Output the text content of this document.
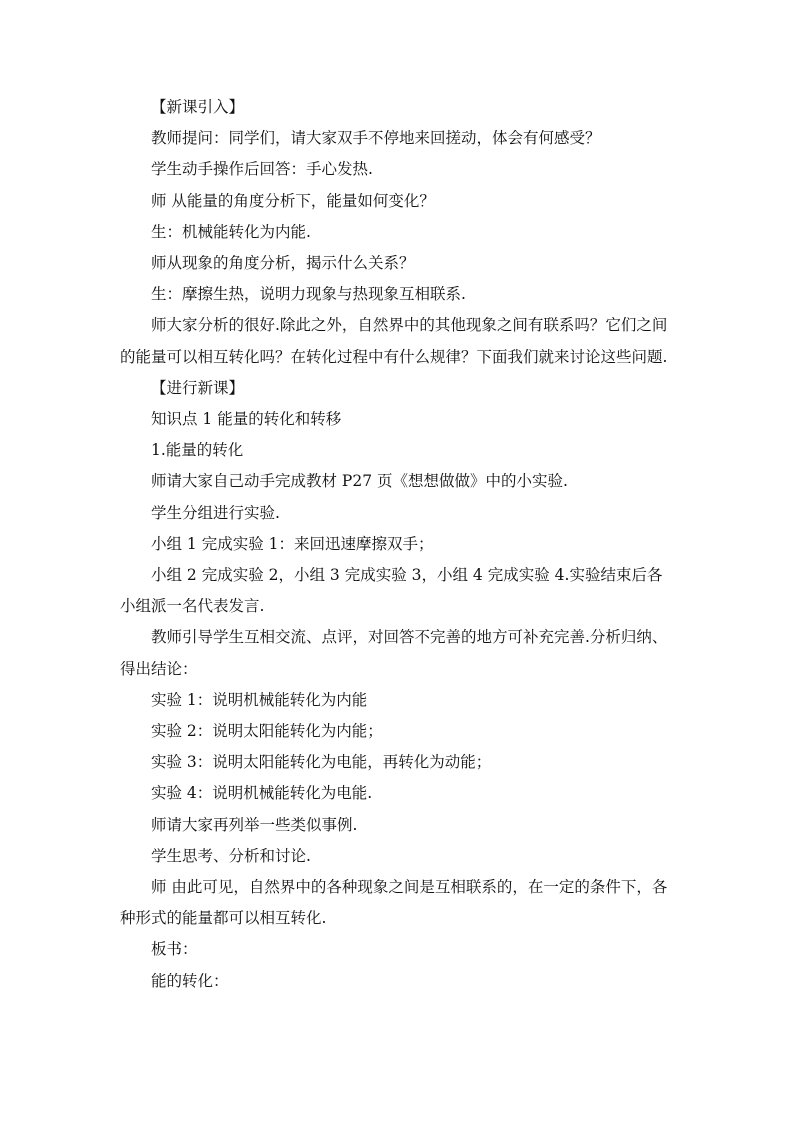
【新课引入】

教师提问：同学们，请大家双手不停地来回搓动，体会有何感受？

学生动手操作后回答：手心发热.

师 从能量的角度分析下，能量如何变化？

生：机械能转化为内能.

师从现象的角度分析，揭示什么关系？

生：摩擦生热，说明力现象与热现象互相联系.

师大家分析的很好.除此之外，自然界中的其他现象之间有联系吗？它们之间的能量可以相互转化吗？在转化过程中有什么规律？下面我们就来讨论这些问题.

【进行新课】

知识点 1 能量的转化和转移

1.能量的转化

师请大家自己动手完成教材 P27 页《想想做做》中的小实验.

学生分组进行实验.

小组 1 完成实验 1：来回迅速摩擦双手；

小组 2 完成实验 2，小组 3 完成实验 3，小组 4 完成实验 4.实验结束后各小组派一名代表发言.

教师引导学生互相交流、点评，对回答不完善的地方可补充完善.分析归纳、得出结论：

实验 1：说明机械能转化为内能

实验 2：说明太阳能转化为内能；

实验 3：说明太阳能转化为电能，再转化为动能；

实验 4：说明机械能转化为电能.

师请大家再列举一些类似事例.

学生思考、分析和讨论.

师 由此可见，自然界中的各种现象之间是互相联系的，在一定的条件下，各种形式的能量都可以相互转化.

板书：

能的转化：
